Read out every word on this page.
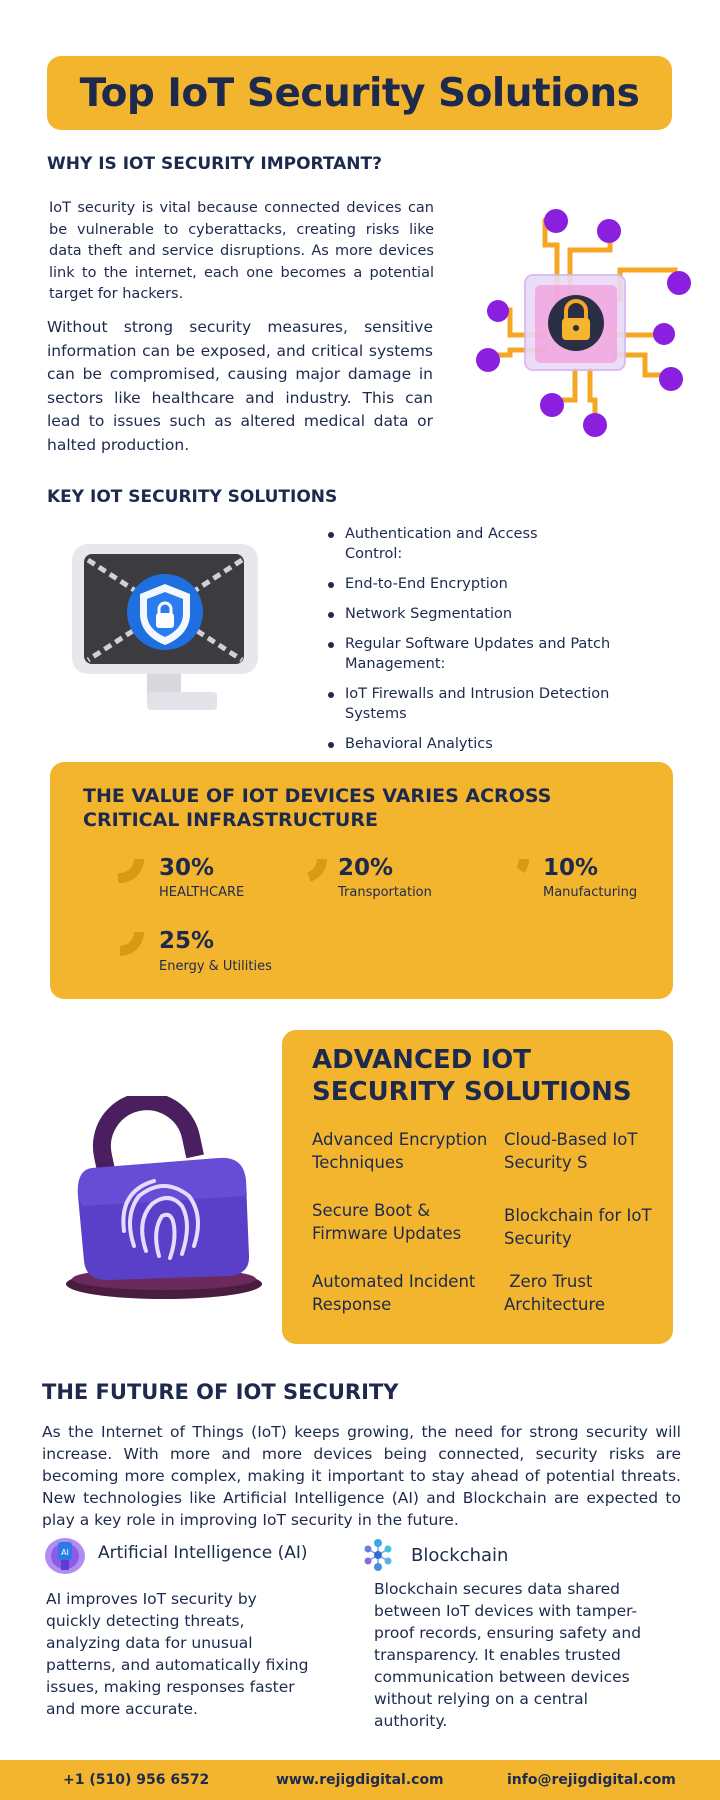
Top IoT Security Solutions
WHY IS IOT SECURITY IMPORTANT?

IoT security is vital because connected devices can be vulnerable to cyberattacks, creating risks like data theft and service disruptions. As more devices link to the internet, each one becomes a potential target for hackers.

Without strong security measures, sensitive information can be exposed, and critical systems can be compromised, causing major damage in sectors like healthcare and industry. This can lead to issues such as altered medical data or halted production.

KEY IOT SECURITY SOLUTIONS
Authentication and Access Control:
End-to-End Encryption
Network Segmentation
Regular Software Updates and Patch Management:
IoT Firewalls and Intrusion Detection Systems
Behavioral Analytics
THE VALUE OF IOT DEVICES VARIES ACROSS CRITICAL INFRASTRUCTURE
30%
HEALTHCARE
20%
Transportation
10%
Manufacturing
25%
Energy & Utilities
ADVANCED IOT SECURITY SOLUTIONS
Advanced Encryption Techniques
Cloud-Based IoT Security S
Secure Boot & Firmware Updates
Blockchain for IoT Security
Automated Incident Response
Zero Trust Architecture
THE FUTURE OF IOT SECURITY

As the Internet of Things (IoT) keeps growing, the need for strong security will increase. With more and more devices being connected, security risks are becoming more complex, making it important to stay ahead of potential threats. New technologies like Artificial Intelligence (AI) and Blockchain are expected to play a key role in improving IoT security in the future.

AI Artificial Intelligence (AI)

AI improves IoT security by quickly detecting threats, analyzing data for unusual patterns, and automatically fixing issues, making responses faster and more accurate.

Blockchain

Blockchain secures data shared between IoT devices with tamper-proof records, ensuring safety and transparency. It enables trusted communication between devices without relying on a central authority.

+1 (510) 956 6572	www.rejigdigital.com	info@rejigdigital.com
